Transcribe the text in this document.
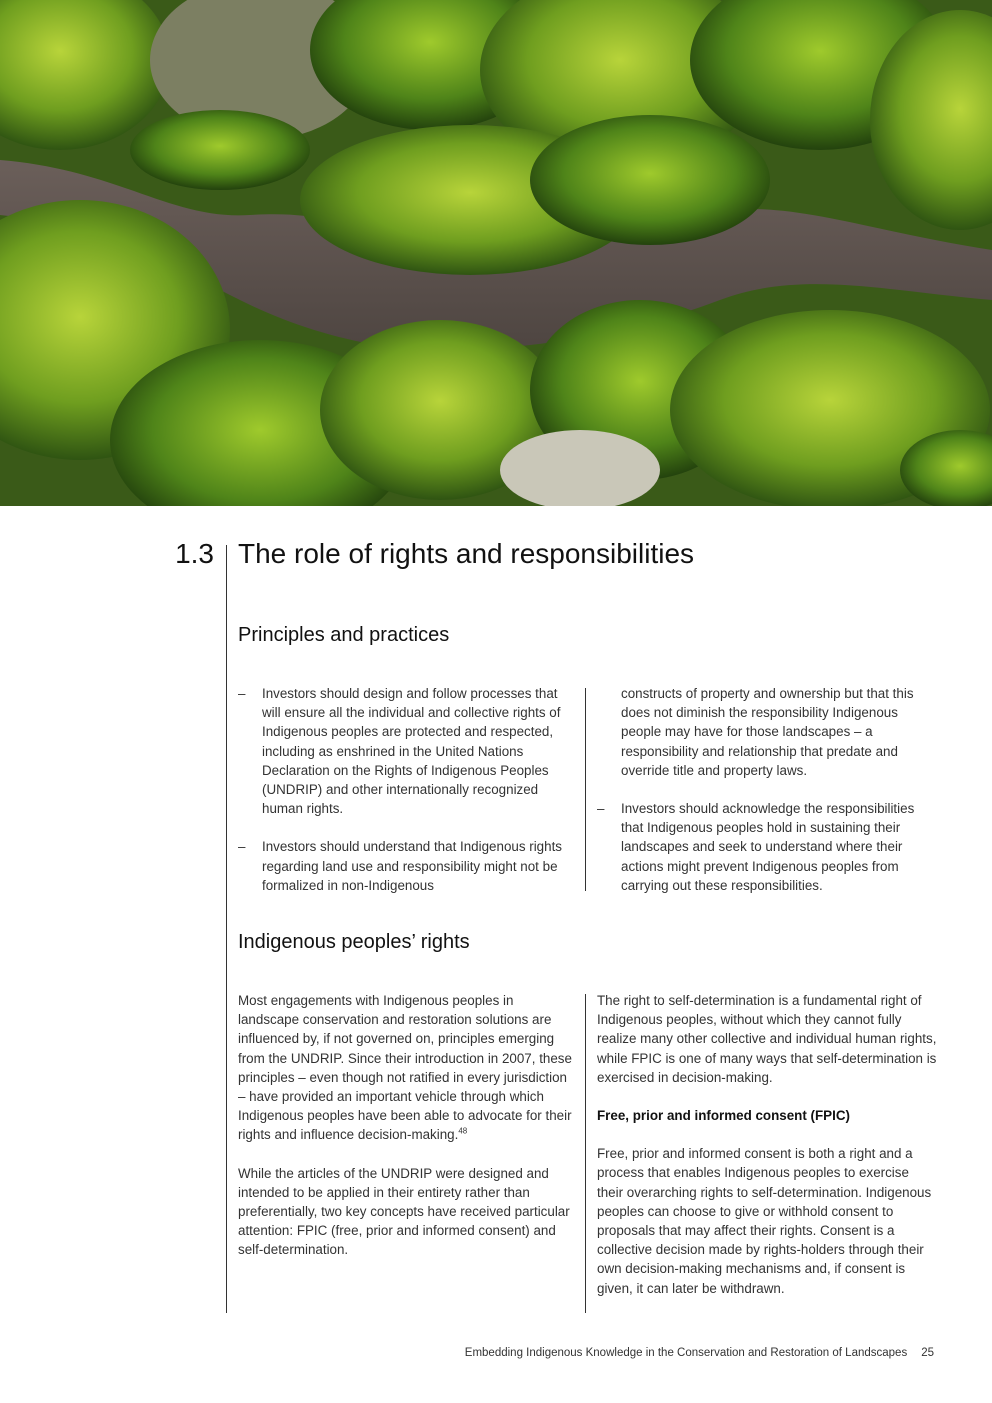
1.3 The role of rights and responsibilities
Principles and practices

– Investors should design and follow processes that will ensure all the individual and collective rights of Indigenous peoples are protected and respected, including as enshrined in the United Nations Declaration on the Rights of Indigenous Peoples (UNDRIP) and other internationally recognized human rights.

– Investors should understand that Indigenous rights regarding land use and responsibility might not be formalized in non-Indigenous

constructs of property and ownership but that this does not diminish the responsibility Indigenous people may have for those landscapes – a responsibility and relationship that predate and override title and property laws.

– Investors should acknowledge the responsibilities that Indigenous peoples hold in sustaining their landscapes and seek to understand where their actions might prevent Indigenous peoples from carrying out these responsibilities.

Indigenous peoples’ rights

Most engagements with Indigenous peoples in landscape conservation and restoration solutions are influenced by, if not governed on, principles emerging from the UNDRIP. Since their introduction in 2007, these principles – even though not ratified in every jurisdiction – have provided an important vehicle through which Indigenous peoples have been able to advocate for their rights and influence decision-making.$^{48}$

While the articles of the UNDRIP were designed and intended to be applied in their entirety rather than preferentially, two key concepts have received particular attention: FPIC (free, prior and informed consent) and self-determination.

The right to self-determination is a fundamental right of Indigenous peoples, without which they cannot fully realize many other collective and individual human rights, while FPIC is one of many ways that self-determination is exercised in decision-making.

Free, prior and informed consent (FPIC)

Free, prior and informed consent is both a right and a process that enables Indigenous peoples to exercise their overarching rights to self-determination. Indigenous peoples can choose to give or withhold consent to proposals that may affect their rights. Consent is a collective decision made by rights-holders through their own decision-making mechanisms and, if consent is given, it can later be withdrawn.

Embedding Indigenous Knowledge in the Conservation and Restoration of Landscapes 25
